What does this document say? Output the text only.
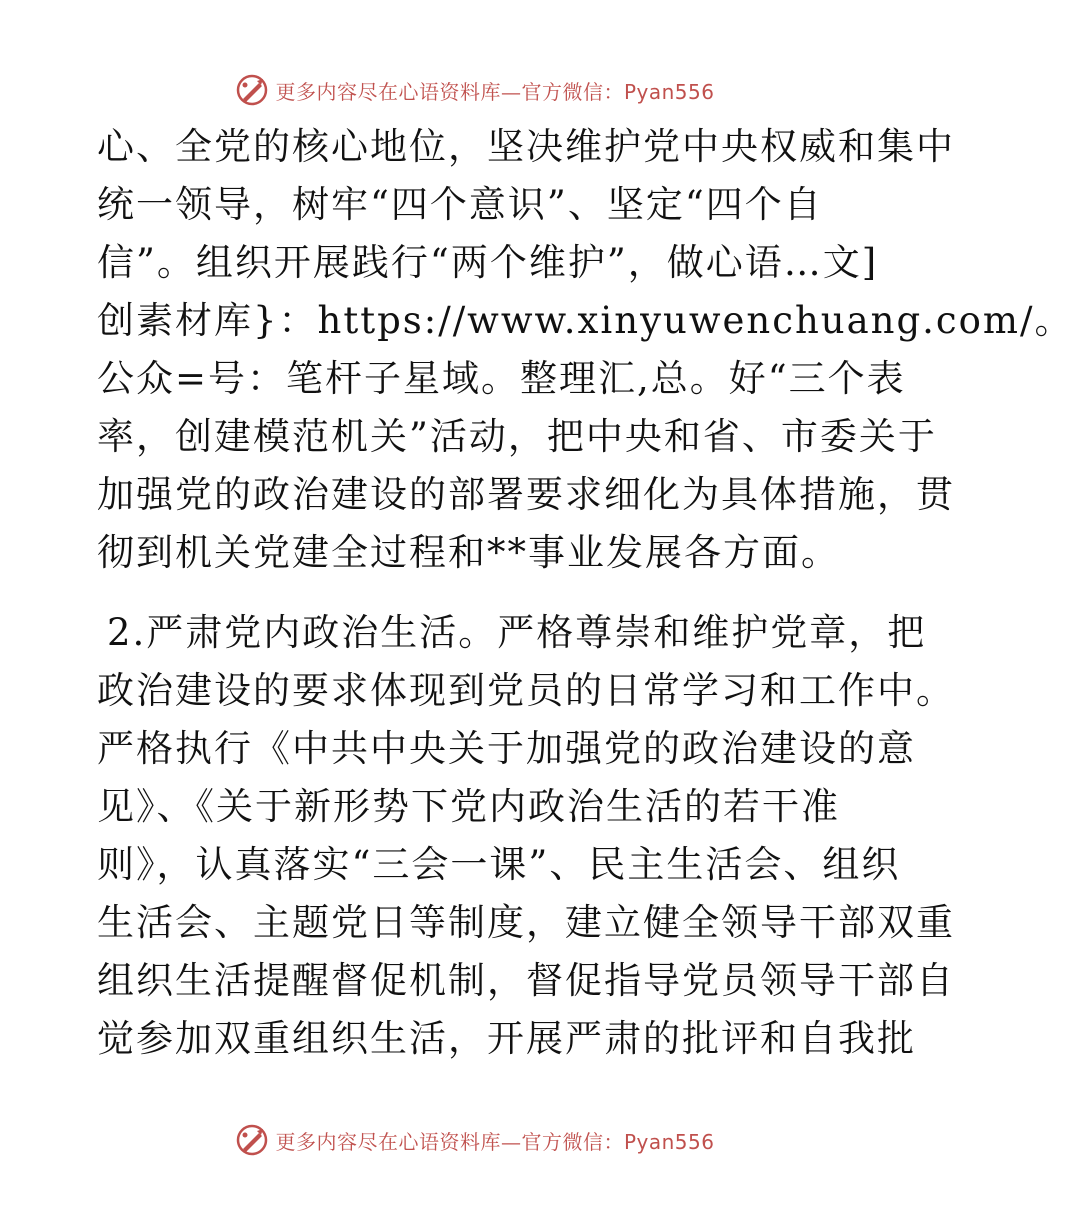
更多内容尽在心语资料库—官方微信：Pyan556
心、全党的核心地位，坚决维护党中央权威和集中
统一领导，树牢“四个意识”、坚定“四个自
信”。组织开展践行“两个维护”，做心语…文]
创素材库}：https://www.xinyuwenchuang.com/。
公众=号：笔杆子星域。整理汇,总。好“三个表
率，创建模范机关”活动，把中央和省、市委关于
加强党的政治建设的部署要求细化为具体措施，贯
彻到机关党建全过程和**事业发展各方面。
2.严肃党内政治生活。严格尊崇和维护党章，把
政治建设的要求体现到党员的日常学习和工作中。
严格执行《中共中央关于加强党的政治建设的意
见》、《关于新形势下党内政治生活的若干准
则》，认真落实“三会一课”、民主生活会、组织
生活会、主题党日等制度，建立健全领导干部双重
组织生活提醒督促机制，督促指导党员领导干部自
觉参加双重组织生活，开展严肃的批评和自我批
更多内容尽在心语资料库—官方微信：Pyan556
